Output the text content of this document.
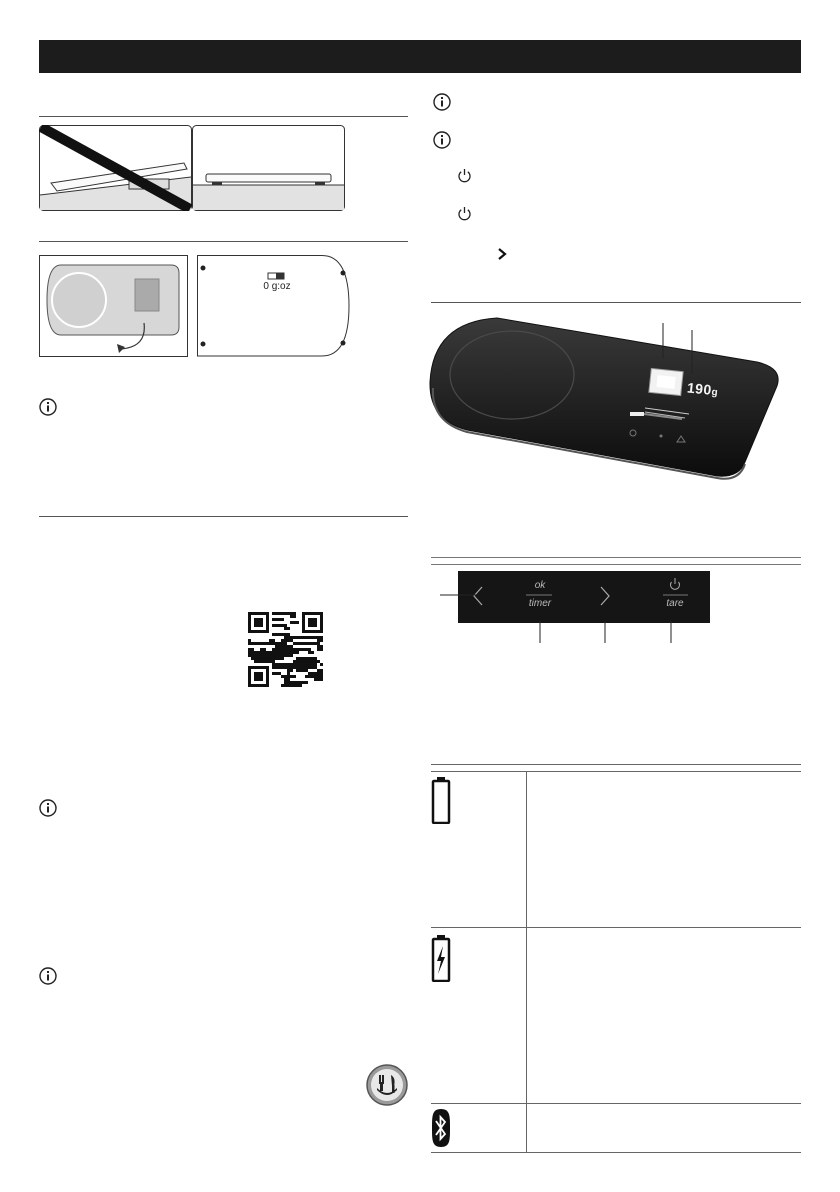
0 g:oz
190g
ok
timer	tare
